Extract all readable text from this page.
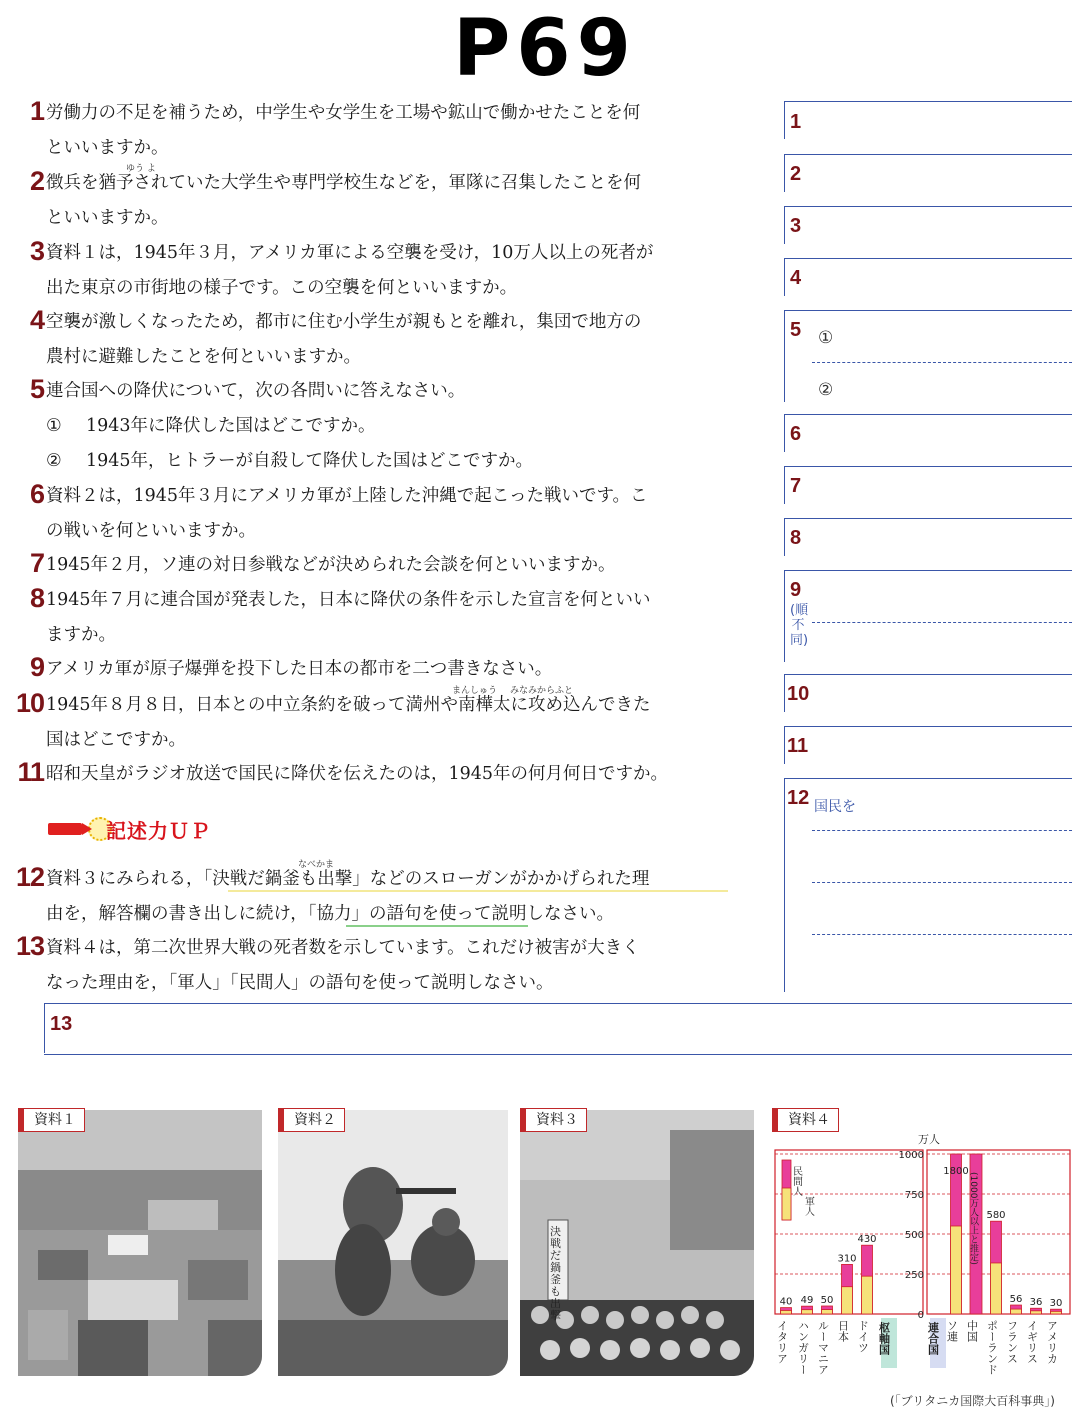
P69
1 労働力の不足を補うため，中学生や女学生を工場や鉱山で働かせたことを何
といいますか。
2 徴兵を猶予されていた大学生や専門学校生などを，軍隊に召集したことを何
といいますか。
ゆう よ
3 資料１は，1945年３月，アメリカ軍による空襲を受け，10万人以上の死者が
出た東京の市街地の様子です。この空襲を何といいますか。
4 空襲が激しくなったため，都市に住む小学生が親もとを離れ，集団で地方の
農村に避難したことを何といいますか。
5 連合国への降伏について，次の各問いに答えなさい。
① 1943年に降伏した国はどこですか。
② 1945年，ヒトラーが自殺して降伏した国はどこですか。
6 資料２は，1945年３月にアメリカ軍が上陸した沖縄で起こった戦いです。こ
の戦いを何といいますか。
7 1945年２月，ソ連の対日参戦などが決められた会談を何といいますか。
8 1945年７月に連合国が発表した，日本に降伏の条件を示した宣言を何といい
ますか。
9 アメリカ軍が原子爆弾を投下した日本の都市を二つ書きなさい。
10 1945年８月８日，日本との中立条約を破って満州や南樺太に攻め込んできた
国はどこですか。
まんしゅう みなみからふと
11 昭和天皇がラジオ放送で国民に降伏を伝えたのは，1945年の何月何日ですか。
記述力ＵＰ
12 資料３にみられる，「決戦だ鍋釜も出撃」などのスローガンがかかげられた理
由を，解答欄の書き出しに続け，「協力」の語句を使って説明しなさい。
なべかま
13 資料４は，第二次世界大戦の死者数を示しています。これだけ被害が大きく
なった理由を，「軍人」「民間人」の語句を使って説明しなさい。
1
2
3
4
5 ①
②
6
7
8
9
(順不同)
10
11
12 国民を
13
資料１	資料２
決戦だ鍋釜も出撃
資料３	資料４
万人
0
250
500
750
1000
民間人
軍人
40
イタリア
49
ハンガリー
50
ルーマニア
310
日本
430
ドイツ
1800
ソ連
(1000万人以上と推定)
中国
580
ポーランド
56
フランス
36
イギリス
30
アメリカ
枢軸国	連合国
(「ブリタニカ国際大百科事典」)
